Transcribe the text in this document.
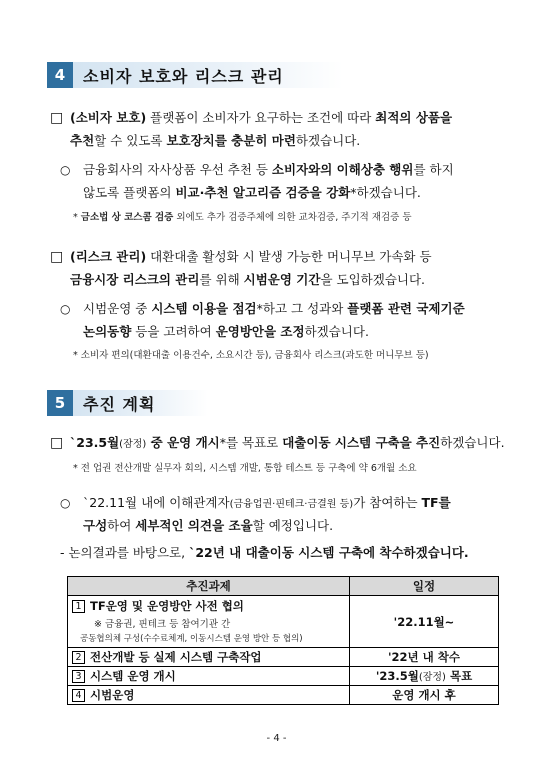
4	소비자 보호와 리스크 관리
□ (소비자 보호) 플랫폼이 소비자가 요구하는 조건에 따라 최적의 상품을
추천할 수 있도록 보호장치를 충분히 마련하겠습니다.
○ 금융회사의 자사상품 우선 추천 등 소비자와의 이해상충 행위를 하지
않도록 플랫폼의 비교·추천 알고리즘 검증을 강화*하겠습니다.
* 금소법 상 코스콤 검증 외에도 추가 검증주체에 의한 교차검증, 주기적 재검증 등
□ (리스크 관리) 대환대출 활성화 시 발생 가능한 머니무브 가속화 등
금융시장 리스크의 관리를 위해 시범운영 기간을 도입하겠습니다.
○ 시범운영 중 시스템 이용을 점검*하고 그 성과와 플랫폼 관련 국제기준
논의동향 등을 고려하여 운영방안을 조정하겠습니다.
* 소비자 편의(대환대출 이용건수, 소요시간 등), 금융회사 리스크(과도한 머니무브 등)
5	추진 계획
□ `23.5월(잠정) 중 운영 개시*를 목표로 대출이동 시스템 구축을 추진하겠습니다.
* 전 업권 전산개발 실무자 회의, 시스템 개발, 통합 테스트 등 구축에 약 6개월 소요
○ `22.11월 내에 이해관계자(금융업권·핀테크·금결원 등)가 참여하는 TF를
구성하여 세부적인 의견을 조율할 예정입니다.
- 논의결과를 바탕으로, `22년 내 대출이동 시스템 구축에 착수하겠습니다.
추진과제	일정

1 TF운영 및 운영방안 사전 협의
※ 금융권, 핀테크 등 참여기관 간
공동협의체 구성(수수료체계, 이동시스템 운영 방안 등 협의)	'22.11월~
2 전산개발 등 실제 시스템 구축작업	'22년 내 착수
3 시스템 운영 개시	'23.5월(잠정) 목표
4 시범운영	운영 개시 후
- 4 -
